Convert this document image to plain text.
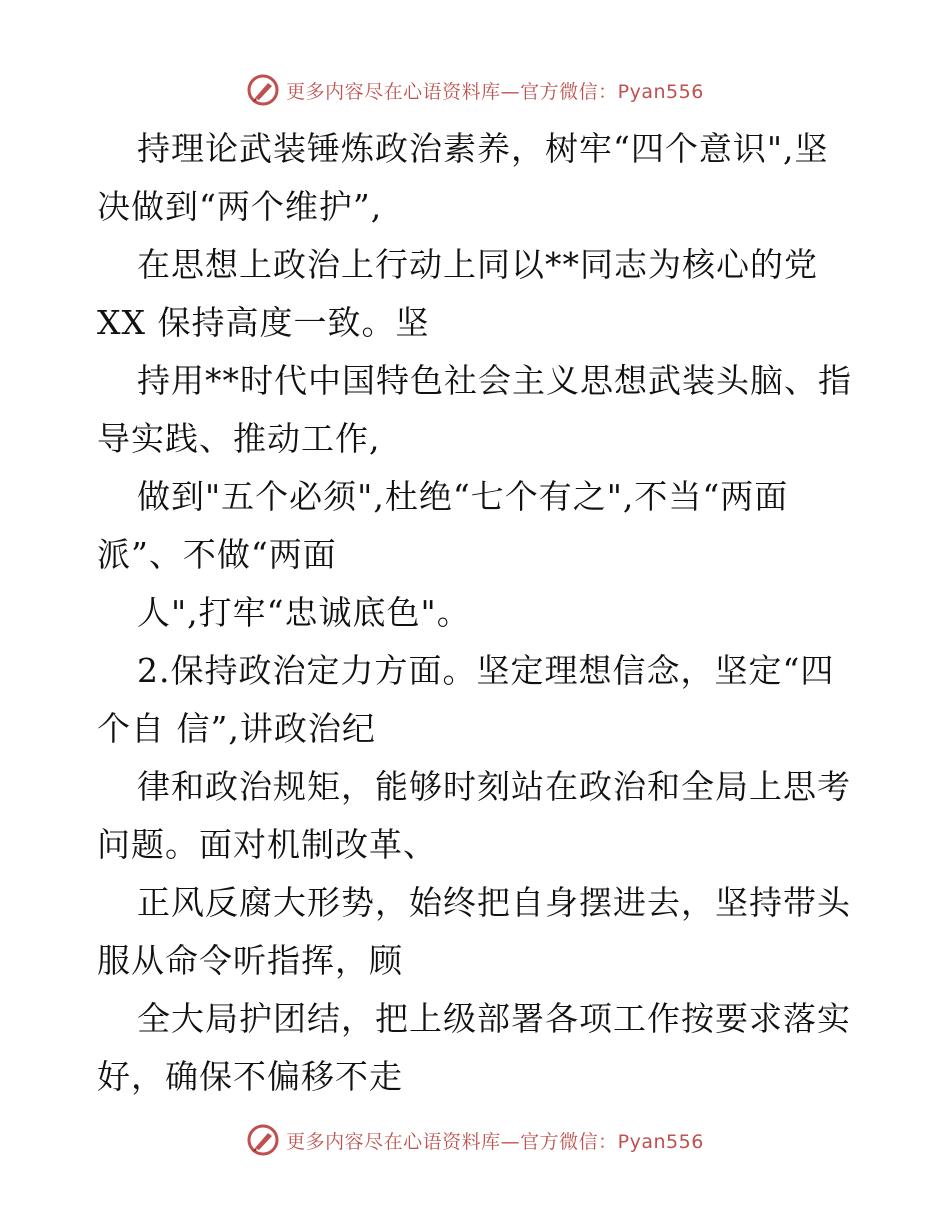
更多内容尽在心语资料库—官方微信：Pyan556
持理论武装锤炼政治素养，树牢“四个意识",坚
决做到“两个维护”,
在思想上政治上行动上同以**同志为核心的党
XX 保持高度一致。坚
持用**时代中国特色社会主义思想武装头脑、指
导实践、推动工作,
做到"五个必须",杜绝“七个有之",不当“两面
派”、不做“两面
人",打牢“忠诚底色"。
2.保持政治定力方面。坚定理想信念，坚定“四
个自 信”,讲政治纪
律和政治规矩，能够时刻站在政治和全局上思考
问题。面对机制改革、
正风反腐大形势，始终把自身摆进去，坚持带头
服从命令听指挥，顾
全大局护团结，把上级部署各项工作按要求落实
好，确保不偏移不走
更多内容尽在心语资料库—官方微信：Pyan556
